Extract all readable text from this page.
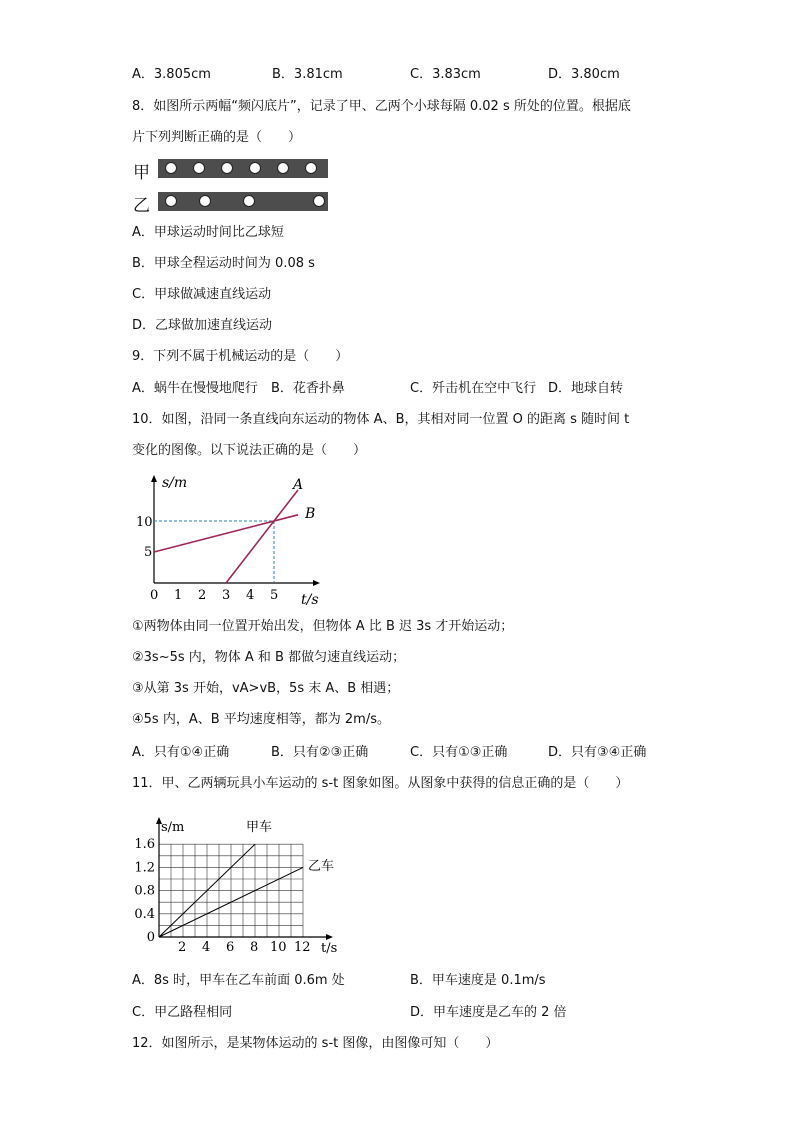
A．3.805cm	B．3.81cm	C．3.83cm	D．3.80cm
8．如图所示两幅“频闪底片”，记录了甲、乙两个小球每隔 0.02 s 所处的位置。根据底
片下列判断正确的是（　　）
甲
乙
A．甲球运动时间比乙球短
B．甲球全程运动时间为 0.08 s
C．甲球做减速直线运动
D．乙球做加速直线运动
9．下列不属于机械运动的是（　　）
A．蜗牛在慢慢地爬行 B．花香扑鼻	C．歼击机在空中飞行 D．地球自转
10．如图，沿同一条直线向东运动的物体 A、B，其相对同一位置 O 的距离 s 随时间 t
变化的图像。以下说法正确的是（　　）
s/m
t/s
0 1 2 3 4 5
5
10
A
B
①两物体由同一位置开始出发，但物体 A 比 B 迟 3s 才开始运动；
②3s~5s 内，物体 A 和 B 都做匀速直线运动；
③从第 3s 开始，vA>vB，5s 末 A、B 相遇；
④5s 内，A、B 平均速度相等，都为 2m/s。
A．只有①④正确	B．只有②③正确	C．只有①③正确	D．只有③④正确
11．甲、乙两辆玩具小车运动的 s-t 图象如图。从图象中获得的信息正确的是（　　）
s/m
t/s
2 4 6 8 10 12
0
0.4
0.8
1.2
1.6
甲车
乙车
A．8s 时，甲车在乙车前面 0.6m 处	B．甲车速度是 0.1m/s
C．甲乙路程相同	D．甲车速度是乙车的 2 倍
12．如图所示，是某物体运动的 s-t 图像，由图像可知（　　）
